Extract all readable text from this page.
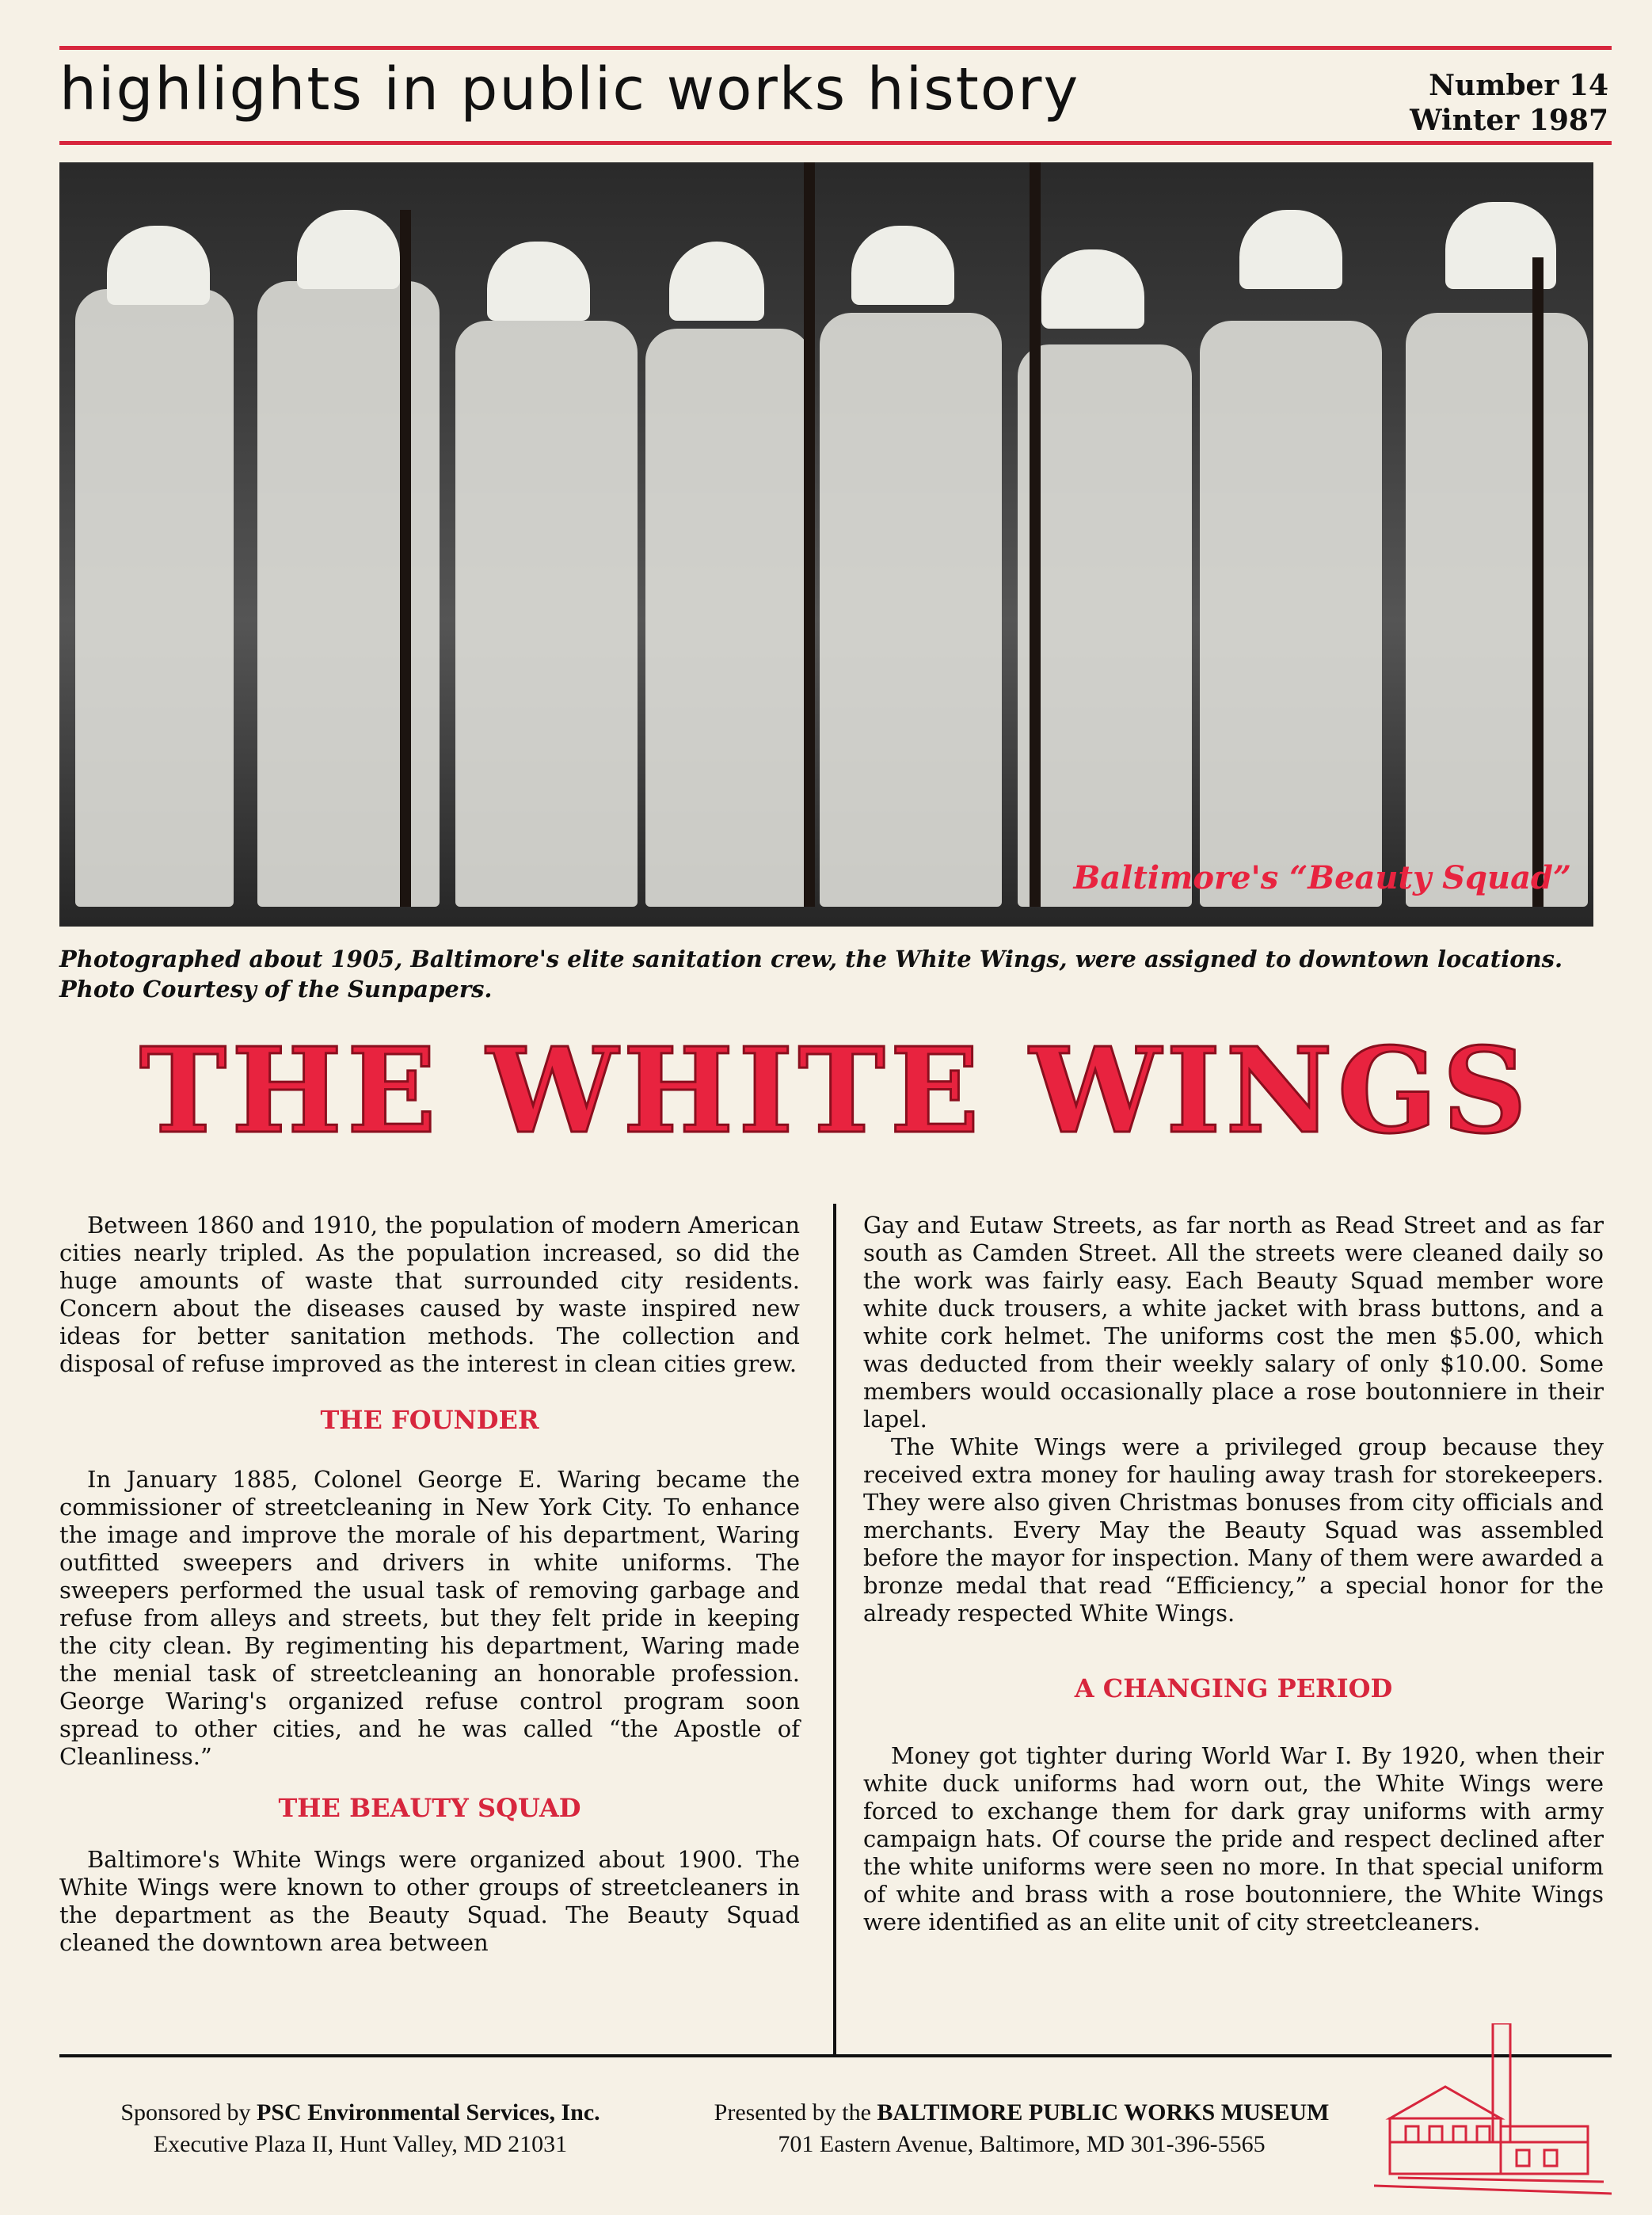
highlights in public works history	Number 14
Winter 1987
Baltimore's “Beauty Squad”
Photographed about 1905, Baltimore's elite sanitation crew, the White Wings, were assigned to downtown locations.
Photo Courtesy of the Sunpapers.
THE WHITE WINGS

Between 1860 and 1910, the population of modern American cities nearly tripled. As the population increased, so did the huge amounts of waste that surrounded city residents. Concern about the diseases caused by waste inspired new ideas for better sanitation methods. The collection and disposal of refuse improved as the interest in clean cities grew.

THE FOUNDER

In January 1885, Colonel George E. Waring became the commissioner of streetcleaning in New York City. To enhance the image and improve the morale of his department, Waring outfitted sweepers and drivers in white uniforms. The sweepers performed the usual task of removing garbage and refuse from alleys and streets, but they felt pride in keeping the city clean. By regimenting his department, Waring made the menial task of streetcleaning an honorable profession. George Waring's organized refuse control program soon spread to other cities, and he was called “the Apostle of Cleanliness.”

THE BEAUTY SQUAD

Baltimore's White Wings were organized about 1900. The White Wings were known to other groups of streetcleaners in the department as the Beauty Squad. The Beauty Squad cleaned the downtown area between

Gay and Eutaw Streets, as far north as Read Street and as far south as Camden Street. All the streets were cleaned daily so the work was fairly easy. Each Beauty Squad member wore white duck trousers, a white jacket with brass buttons, and a white cork helmet. The uniforms cost the men $5.00, which was deducted from their weekly salary of only $10.00. Some members would occasionally place a rose boutonniere in their lapel.

The White Wings were a privileged group because they received extra money for hauling away trash for storekeepers. They were also given Christmas bonuses from city officials and merchants. Every May the Beauty Squad was assembled before the mayor for inspection. Many of them were awarded a bronze medal that read “Efficiency,” a special honor for the already respected White Wings.

A CHANGING PERIOD

Money got tighter during World War I. By 1920, when their white duck uniforms had worn out, the White Wings were forced to exchange them for dark gray uniforms with army campaign hats. Of course the pride and respect declined after the white uniforms were seen no more. In that special uniform of white and brass with a rose boutonniere, the White Wings were identified as an elite unit of city streetcleaners.

Sponsored by PSC Environmental Services, Inc.
Executive Plaza II, Hunt Valley, MD 21031
Presented by the BALTIMORE PUBLIC WORKS MUSEUM
701 Eastern Avenue, Baltimore, MD 301-396-5565
